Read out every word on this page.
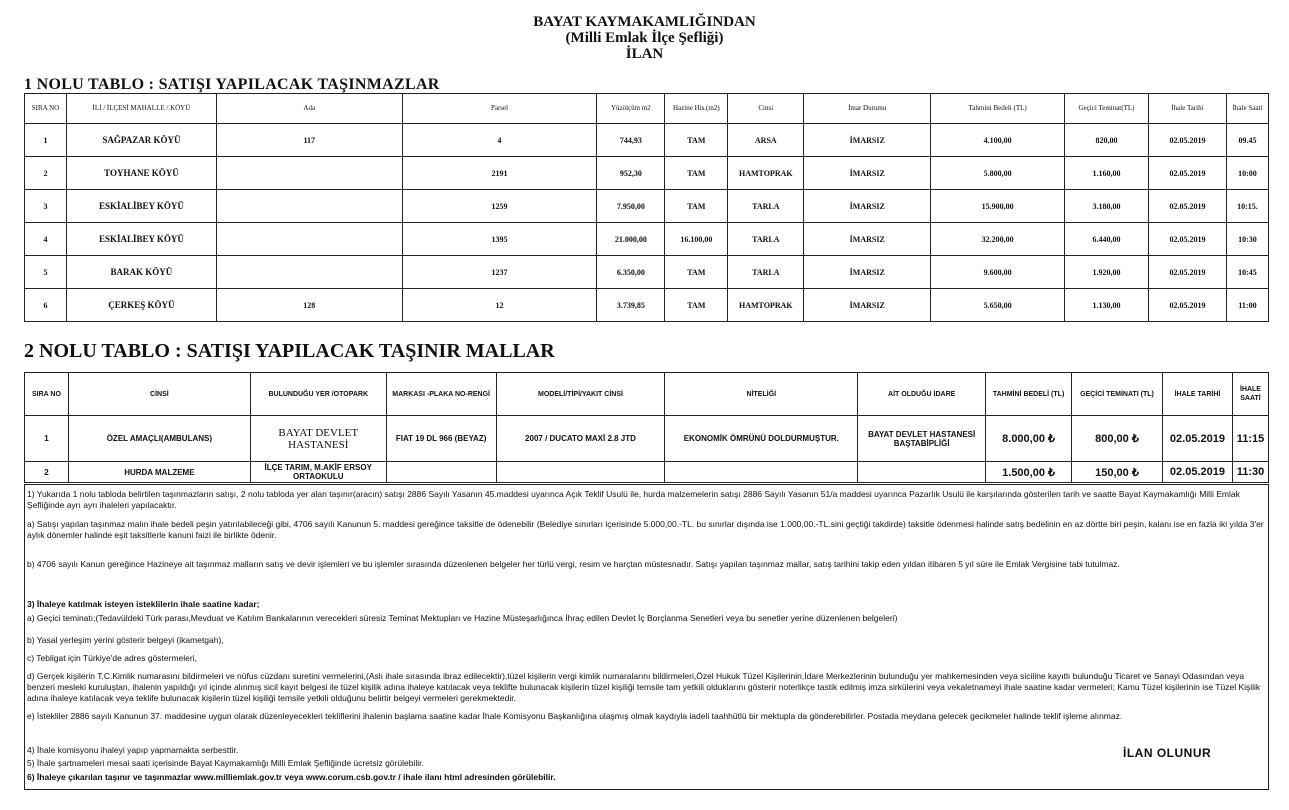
BAYAT KAYMAKAMLIĞINDAN
(Milli Emlak İlçe Şefliği)
İLAN
1 NOLU TABLO : SATIŞI YAPILACAK TAŞINMAZLAR
SIRA NO	İLİ / İLÇESİ MAHALLE / KÖYÜ	Ada	Parsel	Yüzölçüm m2	Hazine His.(m2)	Cinsi	İmar Durumu	Tahmini Bedeli (TL)	Geçici Teminat(TL)	İhale Tarihi	İhale Saati
1	SAĞPAZAR KÖYÜ	117	4	744,93	TAM	ARSA	İMARSIZ	4.100,00	820,00	02.05.2019	09.45
2	TOYHANE KÖYÜ		2191	952,30	TAM	HAMTOPRAK	İMARSIZ	5.800,00	1.160,00	02.05.2019	10:00
3	ESKİALİBEY KÖYÜ		1259	7.950,00	TAM	TARLA	İMARSIZ	15.900,00	3.180,00	02.05.2019	10:15.
4	ESKİALİBEY KÖYÜ		1395	21.000,00	16.100,00	TARLA	İMARSIZ	32.200,00	6.440,00	02.05.2019	10:30
5	BARAK KÖYÜ		1237	6.350,00	TAM	TARLA	İMARSIZ	9.600,00	1.920,00	02.05.2019	10:45
6	ÇERKEŞ KÖYÜ	128	12	3.739,85	TAM	HAMTOPRAK	İMARSIZ	5.650,00	1.130,00	02.05.2019	11:00
2 NOLU TABLO : SATIŞI YAPILACAK TAŞINIR MALLAR
SIRA NO	CİNSİ	BULUNDUĞU YER /OTOPARK	MARKASI -PLAKA NO-RENGİ	MODELİ/TİPİ/YAKIT CİNSİ	NİTELİĞİ	AİT OLDUĞU İDARE	TAHMİNİ BEDELİ (TL)	GEÇİCİ TEMİNATI (TL)	İHALE TARİHİ	İHALE SAATİ
1	ÖZEL AMAÇLI(AMBULANS)	BAYAT DEVLET HASTANESİ	FIAT 19 DL 966 (BEYAZ)	2007 / DUCATO MAXİ 2.8 JTD	EKONOMİK ÖMRÜNÜ DOLDURMUŞTUR.	BAYAT DEVLET HASTANESİ BAŞTABİPLİĞİ	8.000,00 ₺	800,00 ₺	02.05.2019	11:15
2	HURDA MALZEME	İLÇE TARIM, M.AKİF ERSOY ORTAOKULU					1.500,00 ₺	150,00 ₺	02.05.2019	11:30

1) Yukarıda 1 nolu tabloda belirtilen taşınmazların satışı, 2 nolu tabloda yer alan taşınır(aracın) satışı 2886 Sayılı Yasanın 45.maddesi uyarınca Açık Teklif Usulü ile, hurda malzemelerin satışı 2886 Sayılı Yasanın 51/a maddesi uyarınca Pazarlık Usulü ile karşılarında gösterilen tarih ve saatte Bayat Kaymakamlığı Milli Emlak Şefliğinde ayrı ayrı ihaleleri yapılacaktır.

a) Satışı yapılan taşınmaz malın ihale bedeli peşin yatırılabileceği gibi, 4706 sayılı Kanunun 5. maddesi gereğince taksitle de ödenebilir (Belediye sınırları içerisinde 5.000,00.-TL. bu sınırlar dışında ise 1.000,00.-TL.sini geçtiği takdirde) taksitle ödenmesi halinde satış bedelinin en az dörtte biri peşin, kalanı ise en fazla iki yılda 3'er aylık dönemler halinde eşit taksitlerle kanuni faizi ile birlikte ödenir.

b) 4706 sayılı Kanun gereğince Hazineye ait taşınmaz malların satış ve devir işlemleri ve bu işlemler sırasında düzenlenen belgeler her türlü vergi, resim ve harçtan müstesnadır. Satışı yapılan taşınmaz mallar, satış tarihini takip eden yıldan itibaren 5 yıl süre ile Emlak Vergisine tabi tutulmaz.

3) İhaleye katılmak isteyen isteklilerin ihale saatine kadar;

a) Geçici teminatı;(Tedavüldeki Türk parası,Mevduat ve Katılım Bankalarının verecekleri süresiz Teminat Mektupları ve Hazine Müsteşarlığınca İhraç edilen Devlet İç Borçlanma Senetleri veya bu senetler yerine düzenlenen belgeleri)

b) Yasal yerleşim yerini gösterir belgeyi (ikametgah),

c) Tebligat için Türkiye'de adres göstermeleri,

d) Gerçek kişilerin T.C.Kimlik numarasını bildirmeleri ve nüfus cüzdanı suretini vermelerini,(Aslı ihale sırasında ibraz edilecektir),tüzel kişilerin vergi kimlik numaralarını bildirmeleri,Özel Hukuk Tüzel Kişilerinin,İdare Merkezlerinin bulunduğu yer mahkemesinden veya siciline kayıtlı bulunduğu Ticaret ve Sanayi Odasından veya benzeri mesleki kuruluştan, ihalenin yapıldığı yıl içinde alınmış sicil kayıt belgesi ile tüzel kişilik adına ihaleye katılacak veya teklifte bulunacak kişilerin tüzel kişiliği temsile tam yetkili olduklarını gösterir noterlikçe tastik edilmiş imza sirkülerini veya vekaletnameyi ihale saatine kadar vermeleri; Kamu Tüzel kişilerinin ise Tüzel Kişilik adına ihaleye katılacak veya teklife bulunacak kişilerin tüzel kişiliği temsile yetkili olduğunu belirtir belgeyi vermeleri gerekmektedir.

e) İstekliler 2886 sayılı Kanunun 37. maddesine uygun olarak düzenleyecekleri tekliflerini ihalenin başlama saatine kadar İhale Komisyonu Başkanlığına ulaşmış olmak kaydıyla iadeli taahhütlü bir mektupla da gönderebilirler. Postada meydana gelecek gecikmeler halinde teklif işleme alınmaz.

4) İhale komisyonu ihaleyi yapıp yapmamakta serbesttir.

5) İhale şartnameleri mesai saati içerisinde Bayat Kaymakamlığı Milli Emlak Şefliğinde ücretsiz görülebilir.

6) İhaleye çıkarılan taşınır ve taşınmazlar www.milliemlak.gov.tr veya www.corum.csb.gov.tr / ihale ilanı html adresinden görülebilir.

İLAN OLUNUR
